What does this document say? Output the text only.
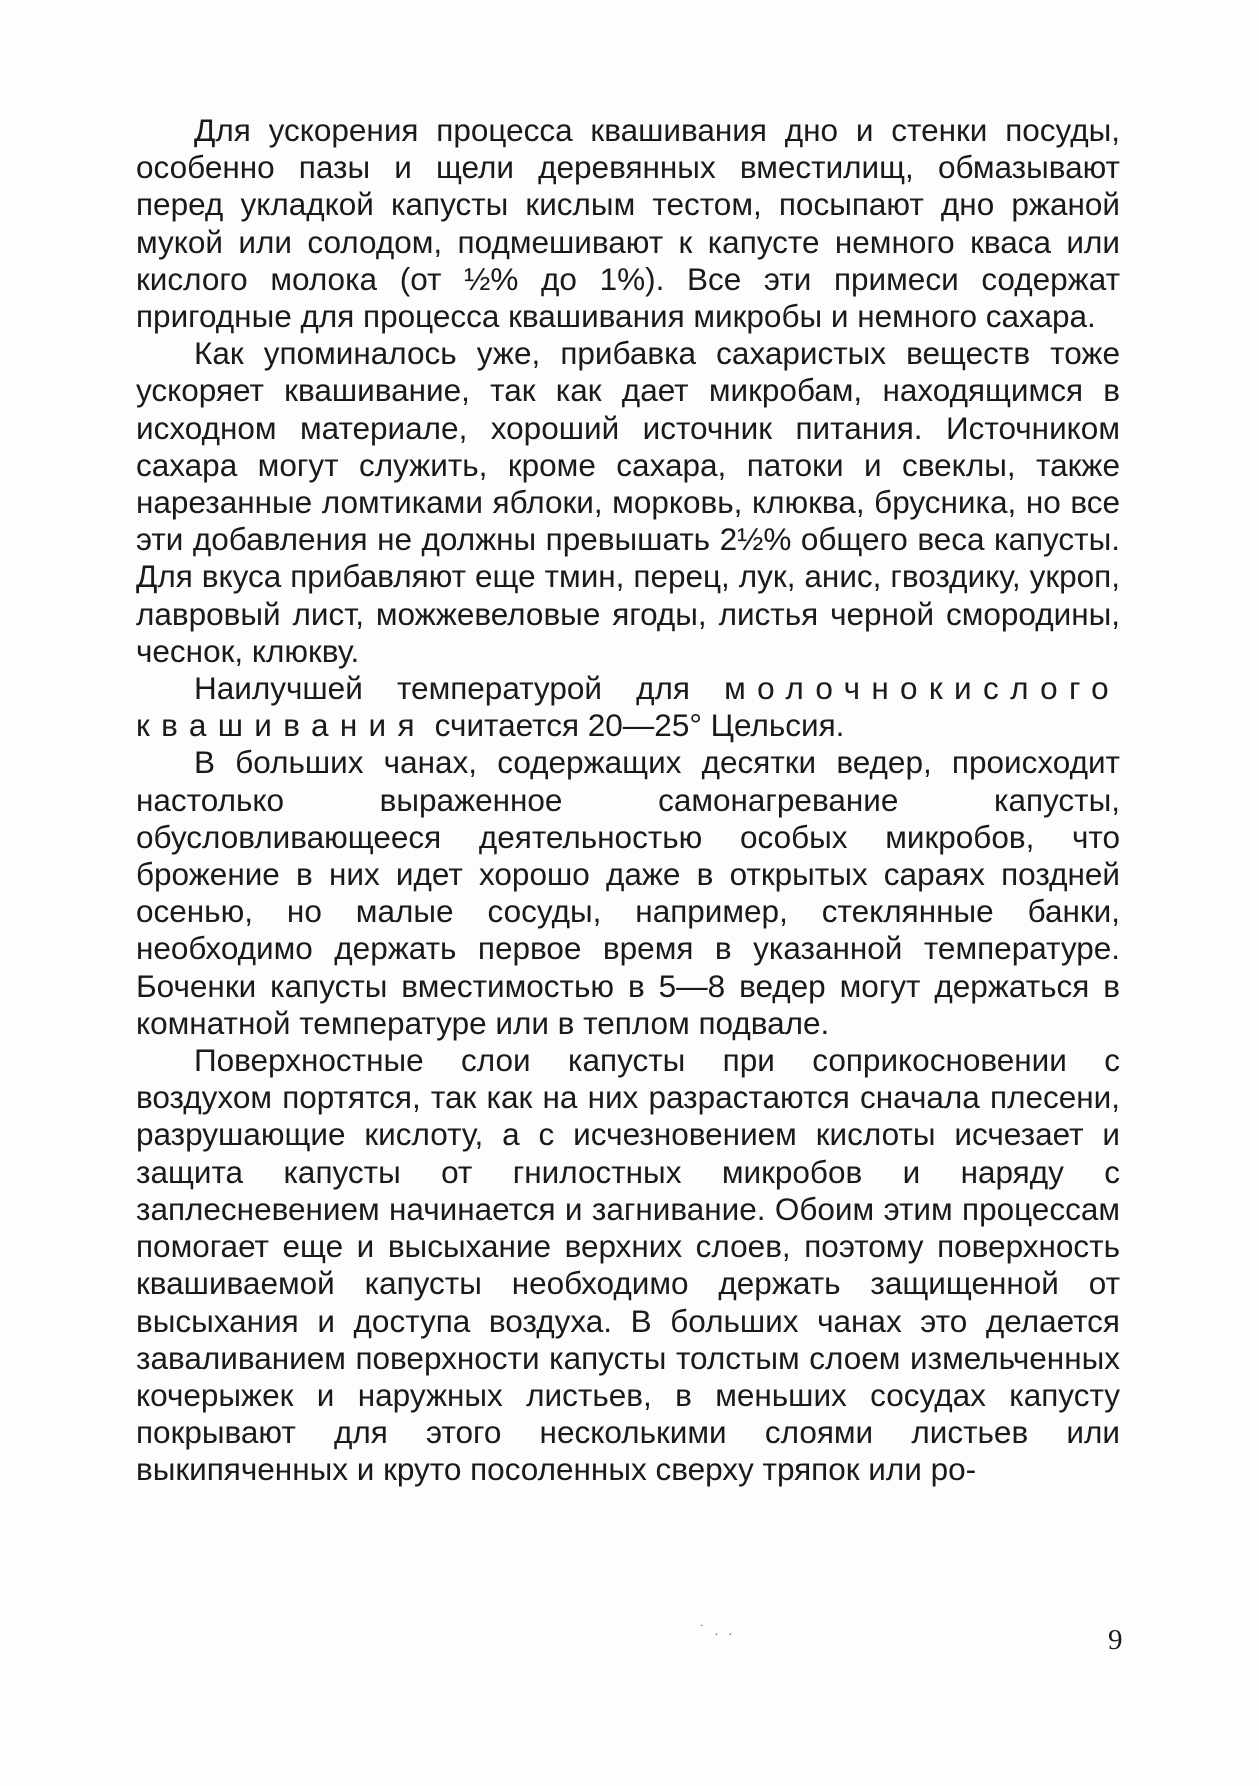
Для ускорения процесса квашивания дно и стенки посуды, особенно пазы и щели деревянных вместилищ, обмазывают перед укладкой капусты кислым тестом, посыпают дно ржаной мукой или солодом, подмешивают к капусте немного кваса или кислого молока (от ½% до 1%). Все эти примеси содержат пригодные для процесса квашивания микробы и немного сахара.

Как упоминалось уже, прибавка сахаристых веществ тоже ускоряет квашивание, так как дает микробам, находящимся в исходном материале, хороший источник питания. Источником сахара могут служить, кроме сахара, патоки и свеклы, также нарезанные ломтиками яблоки, морковь, клюква, брусника, но все эти добавления не должны превышать 2½% общего веса капусты. Для вкуса прибавляют еще тмин, перец, лук, анис, гвоздику, укроп, лавровый лист, можжевеловые ягоды, листья черной смородины, чеснок, клюкву.

Наилучшей температурой для молочнокислого квашивания считается 20—25° Цельсия.

В больших чанах, содержащих десятки ведер, происходит настолько выраженное самонагревание капусты, обусловливающееся деятельностью особых микробов, что брожение в них идет хорошо даже в открытых сараях поздней осенью, но малые сосуды, например, стеклянные банки, необходимо держать первое время в указанной температуре. Боченки капусты вместимостью в 5—8 ведер могут держаться в комнатной температуре или в теплом подвале.

Поверхностные слои капусты при соприкосновении с воздухом портятся, так как на них разрастаются сначала плесени, разрушающие кислоту, а с исчезновением кислоты исчезает и защита капусты от гнилостных микробов и наряду с заплесневением начинается и загнивание. Обоим этим процессам помогает еще и высыхание верхних слоев, поэтому поверхность квашиваемой капусты необходимо держать защищенной от высыхания и доступа воздуха. В больших чанах это делается заваливанием поверхности капусты толстым слоем измельченных кочерыжек и наружных листьев, в меньших сосудах капусту покрывают для этого несколькими слоями листьев или выкипяченных и круто посоленных сверху тряпок или ро-

˙ . .	9
